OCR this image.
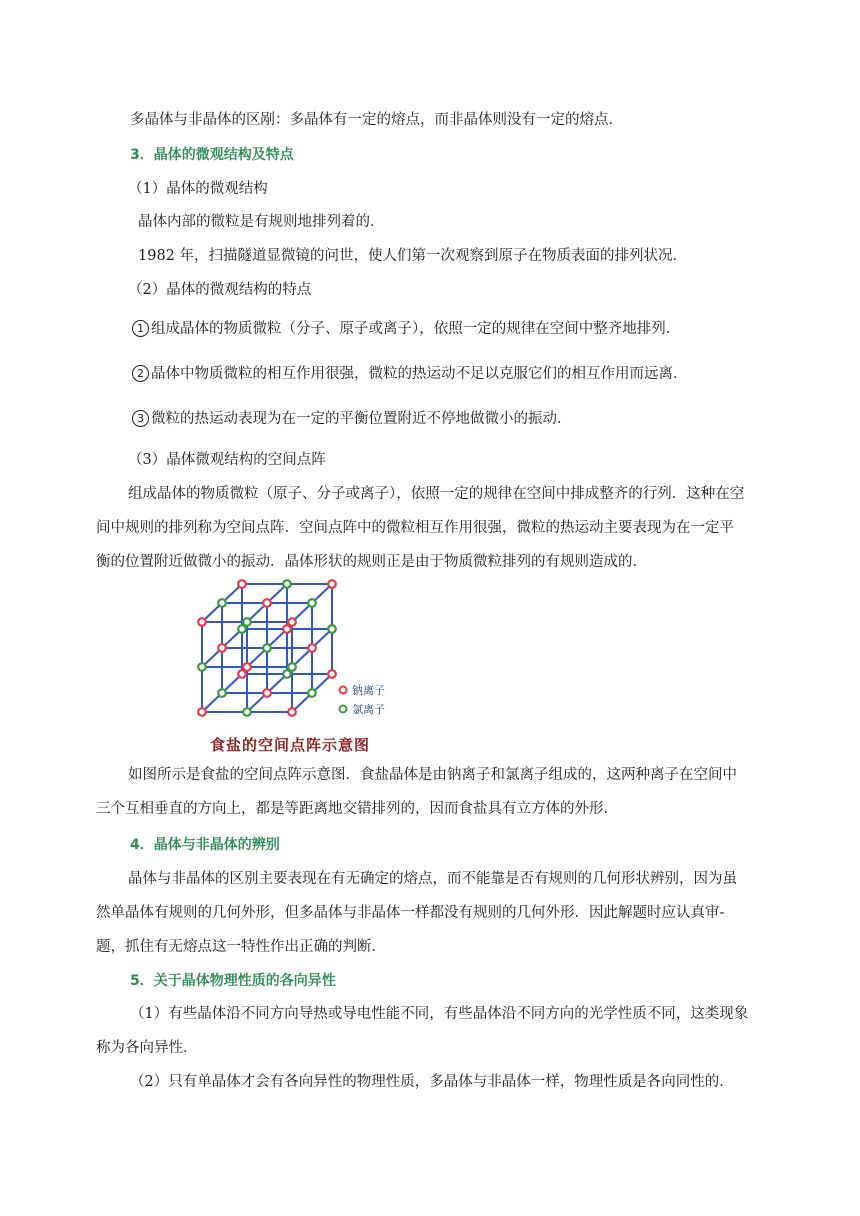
多晶体与非晶体的区剐：多晶体有一定的熔点，而非晶体则没有一定的熔点．
3．晶体的微观结构及特点
（1）晶体的微观结构
晶体内部的微粒是有规则地排列着的．
1982 年，扫描隧道显微镜的问世，使人们第一次观察到原子在物质表面的排列状况．
（2）晶体的微观结构的特点
1 组成晶体的物质微粒（分子、原子或离子），依照一定的规律在空间中整齐地排列．
2 晶体中物质微粒的相互作用很强，微粒的热运动不足以克服它们的相互作用而远离．
3 微粒的热运动表现为在一定的平衡位置附近不停地做微小的振动．
（3）晶体微观结构的空间点阵
组成晶体的物质微粒（原子、分子或离子），依照一定的规律在空间中排成整齐的行列．这种在空
间中规则的排列称为空间点阵．空间点阵中的微粒相互作用很强，微粒的热运动主要表现为在一定平
衡的位置附近做微小的振动．晶体形状的规则正是由于物质微粒排列的有规则造成的．
钠离子
氯离子
食盐的空间点阵示意图
如图所示是食盐的空间点阵示意图．食盐晶体是由钠离子和氯离子组成的，这两种离子在空间中
三个互相垂直的方向上，都是等距离地交错排列的，因而食盐具有立方体的外形．
4．晶体与非晶体的辨别
晶体与非晶体的区别主要表现在有无确定的熔点，而不能靠是否有规则的几何形状辨别，因为虽
然单晶体有规则的几何外形，但多晶体与非晶体一样都没有规则的几何外形．因此解题时应认真审-
题，抓住有无熔点这一特性作出正确的判断．
5．关于晶体物理性质的各向异性
（1）有些晶体沿不同方向导热或导电性能不同，有些晶体沿不同方向的光学性质不同，这类现象
称为各向异性．
（2）只有单晶体才会有各向异性的物理性质，多晶体与非晶体一样，物理性质是各向同性的．
